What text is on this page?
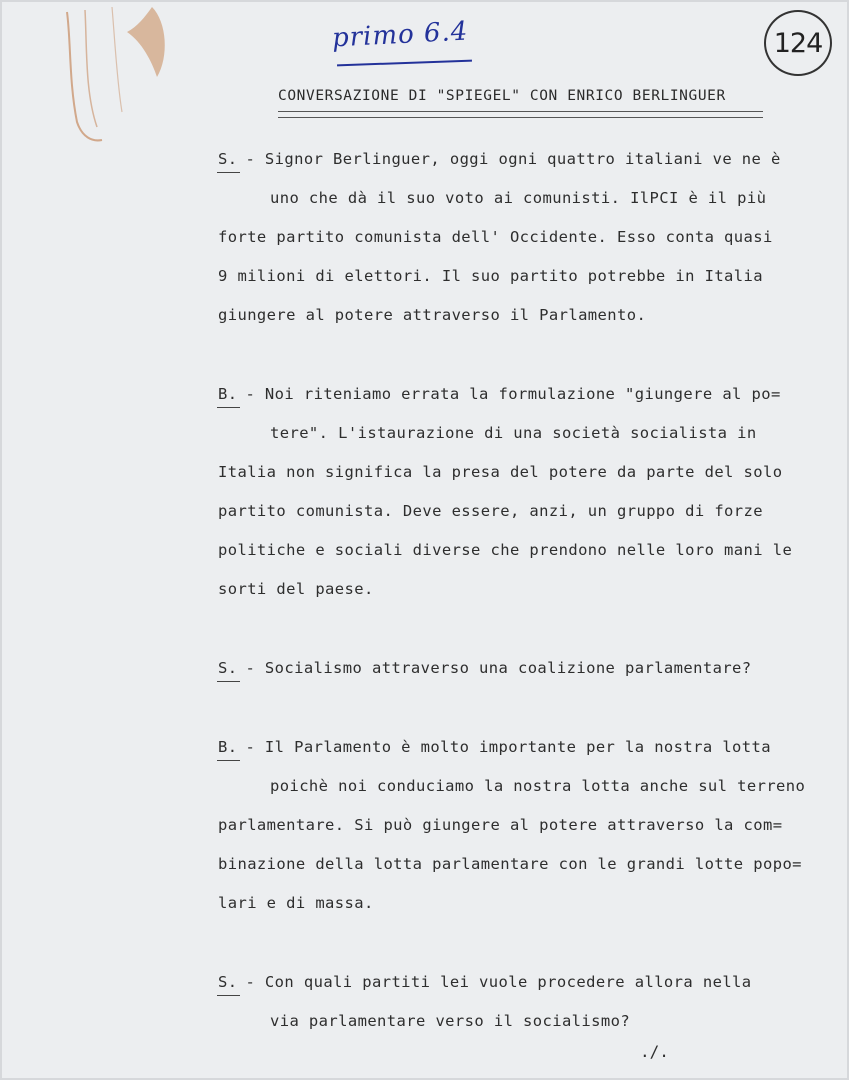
primo 6.4	124
CONVERSAZIONE DI "SPIEGEL" CON ENRICO BERLINGUER
S. - Signor Berlinguer, oggi ogni quattro italiani ve ne è
uno che dà il suo voto ai comunisti. IlPCI è il più
forte partito comunista dell' Occidente. Esso conta quasi
9 milioni di elettori. Il suo partito potrebbe in Italia
giungere al potere attraverso il Parlamento.
B. - Noi riteniamo errata la formulazione "giungere al po=
tere". L'istaurazione di una società socialista in
Italia non significa la presa del potere da parte del solo
partito comunista. Deve essere, anzi, un gruppo di forze
politiche e sociali diverse che prendono nelle loro mani le
sorti del paese.
S. - Socialismo attraverso una coalizione parlamentare?
B. - Il Parlamento è molto importante per la nostra lotta
poichè noi conduciamo la nostra lotta anche sul terreno
parlamentare. Si può giungere al potere attraverso la com=
binazione della lotta parlamentare con le grandi lotte popo=
lari e di massa.
S. - Con quali partiti lei vuole procedere allora nella
via parlamentare verso il socialismo?
./.
